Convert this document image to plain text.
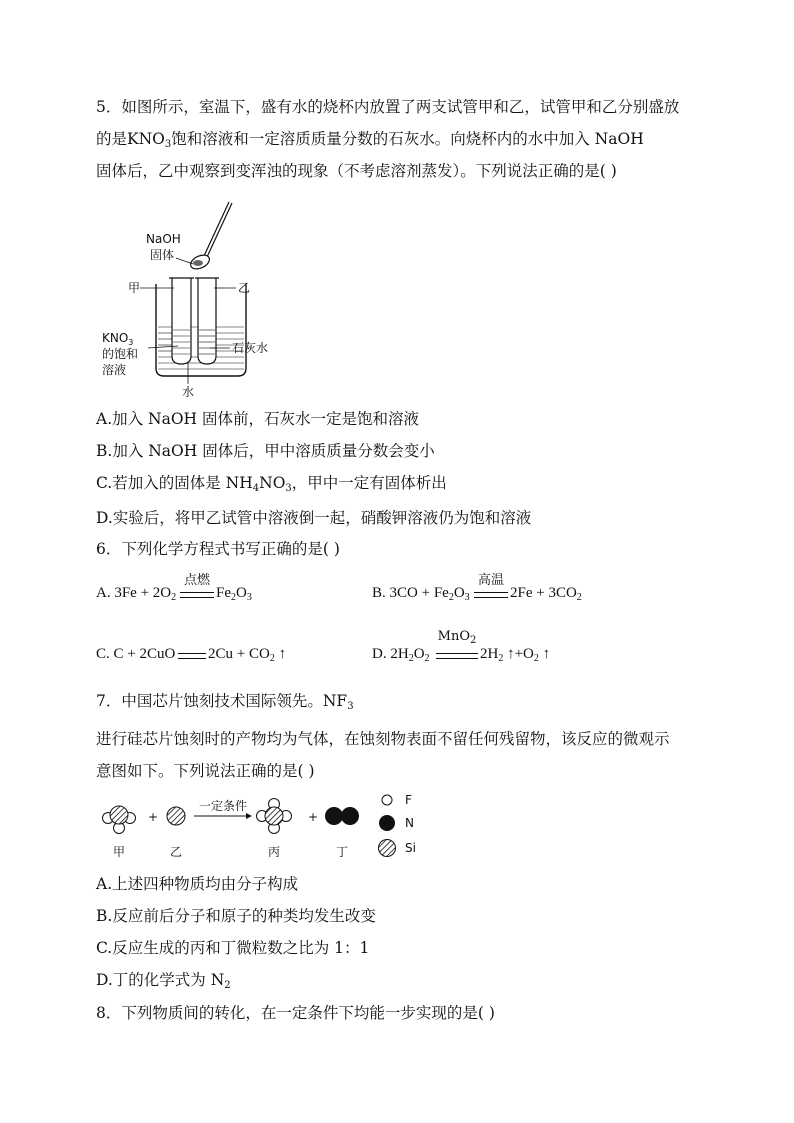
5．如图所示，室温下，盛有水的烧杯内放置了两支试管甲和乙，试管甲和乙分别盛放
的是$KNO_3$饱和溶液和一定溶质质量分数的石灰水。向烧杯内的水中加入 NaOH
固体后，乙中观察到变浑浊的现象（不考虑溶剂蒸发）。下列说法正确的是( )
NaOH
固体
甲	乙
$KNO_3$
的饱和
溶液
石灰水
水
A.加入 NaOH 固体前，石灰水一定是饱和溶液
B.加入 NaOH 固体后，甲中溶质质量分数会变小
C.若加入的固体是 $NH_4NO_3$，甲中一定有固体析出
D.实验后，将甲乙试管中溶液倒一起，硝酸钾溶液仍为饱和溶液
6．下列化学方程式书写正确的是( )
A. $3Fe + 2O_2$
点燃
$Fe_2O_3$	B. $3CO + Fe_2O_3$
高温
$2Fe + 3CO_2$
C. C + 2CuO $2Cu + CO_2$ ↑	D. $2H_2O_2$
MnO$_2$
$2H_2$ $↑+O_2$ ↑
7．中国芯片蚀刻技术国际领先。$NF_3$
进行硅芯片蚀刻时的产物均为气体，在蚀刻物表面不留任何残留物，该反应的微观示
意图如下。下列说法正确的是( )
+
一定条件
+
F
N
Si
甲	乙	丙	丁
A.上述四种物质均由分子构成
B.反应前后分子和原子的种类均发生改变
C.反应生成的丙和丁微粒数之比为 1：1
D.丁的化学式为 $N_2$
8．下列物质间的转化，在一定条件下均能一步实现的是( )
